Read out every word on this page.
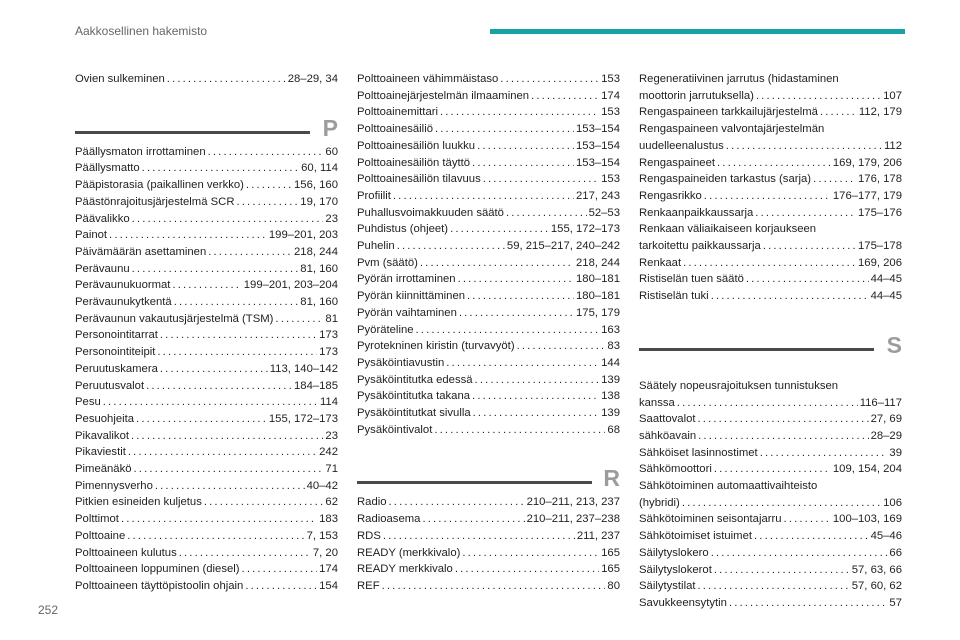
Aakkosellinen hakemisto
Ovien sulkeminen . . .	28–29, 34
P
Päällysmaton irrottaminen . . .	60
Päällysmatto . . .	60, 114
Pääpistorasia (paikallinen verkko) . . .	156, 160
Päästönrajoitusjärjestelmä SCR . . .	19, 170
Päävalikko . . .	23
Painot . . .	199–201, 203
Päivämäärän asettaminen . . .	218, 244
Perävaunu . . .	81, 160
Perävaunukuormat . . .	199–201, 203–204
Perävaunukytkentä . . .	81, 160
Perävaunun vakautusjärjestelmä (TSM) . . .	81
Personointitarrat . . .	173
Personointiteipit . . .	173
Peruutuskamera . . .	113, 140–142
Peruutusvalot . . .	184–185
Pesu . . .	114
Pesuohjeita . . .	155, 172–173
Pikavalikot . . .	23
Pikaviestit . . .	242
Pimeänäkö . . .	71
Pimennysverho . . .	40–42
Pitkien esineiden kuljetus . . .	62
Polttimot . . .	183
Polttoaine . . .	7, 153
Polttoaineen kulutus . . .	7, 20
Polttoaineen loppuminen (diesel) . . .	174
Polttoaineen täyttöpistoolin ohjain . . .	154
Polttoaineen vähimmäistaso . . .	153
Polttoainejärjestelmän ilmaaminen . . .	174
Polttoainemittari . . .	153
Polttoainesäiliö . . .	153–154
Polttoainesäiliön luukku . . .	153–154
Polttoainesäiliön täyttö . . .	153–154
Polttoainesäiliön tilavuus . . .	153
Profiilit . . .	217, 243
Puhallusvoimakkuuden säätö . . .	52–53
Puhdistus (ohjeet) . . .	155, 172–173
Puhelin . . .	59, 215–217, 240–242
Pvm (säätö) . . .	218, 244
Pyörän irrottaminen . . .	180–181
Pyörän kiinnittäminen . . .	180–181
Pyörän vaihtaminen . . .	175, 179
Pyöräteline . . .	163
Pyrotekninen kiristin (turvavyöt) . . .	83
Pysäköintiavustin . . .	144
Pysäköintitutka edessä . . .	139
Pysäköintitutka takana . . .	138
Pysäköintitutkat sivulla . . .	139
Pysäköintivalot . . .	68
R
Radio . . .	210–211, 213, 237
Radioasema . . .	210–211, 237–238
RDS . . .	211, 237
READY (merkkivalo) . . .	165
READY merkkivalo . . .	165
REF . . .	80
Regeneratiivinen jarrutus (hidastaminen
moottorin jarrutuksella) . . .	107
Rengaspaineen tarkkailujärjestelmä . . .	112, 179
Rengaspaineen valvontajärjestelmän
uudelleenalustus . . .	112
Rengaspaineet . . .	169, 179, 206
Rengaspaineiden tarkastus (sarja) . . .	176, 178
Rengasrikko . . .	176–177, 179
Renkaanpaikkaussarja . . .	175–176
Renkaan väliaikaiseen korjaukseen
tarkoitettu paikkaussarja . . .	175–178
Renkaat . . .	169, 206
Ristiselän tuen säätö . . .	44–45
Ristiselän tuki . . .	44–45
S
Säätely nopeusrajoituksen tunnistuksen
kanssa . . .	116–117
Saattovalot . . .	27, 69
sähköavain . . .	28–29
Sähköiset lasinnostimet . . .	39
Sähkömoottori . . .	109, 154, 204
Sähkötoiminen automaattivaihteisto
(hybridi) . . .	106
Sähkötoiminen seisontajarru . . .	100–103, 169
Sähkötoimiset istuimet . . .	45–46
Säilytyslokero . . .	66
Säilytyslokerot . . .	57, 63, 66
Säilytystilat . . .	57, 60, 62
Savukkeensytytin . . .	57
252
